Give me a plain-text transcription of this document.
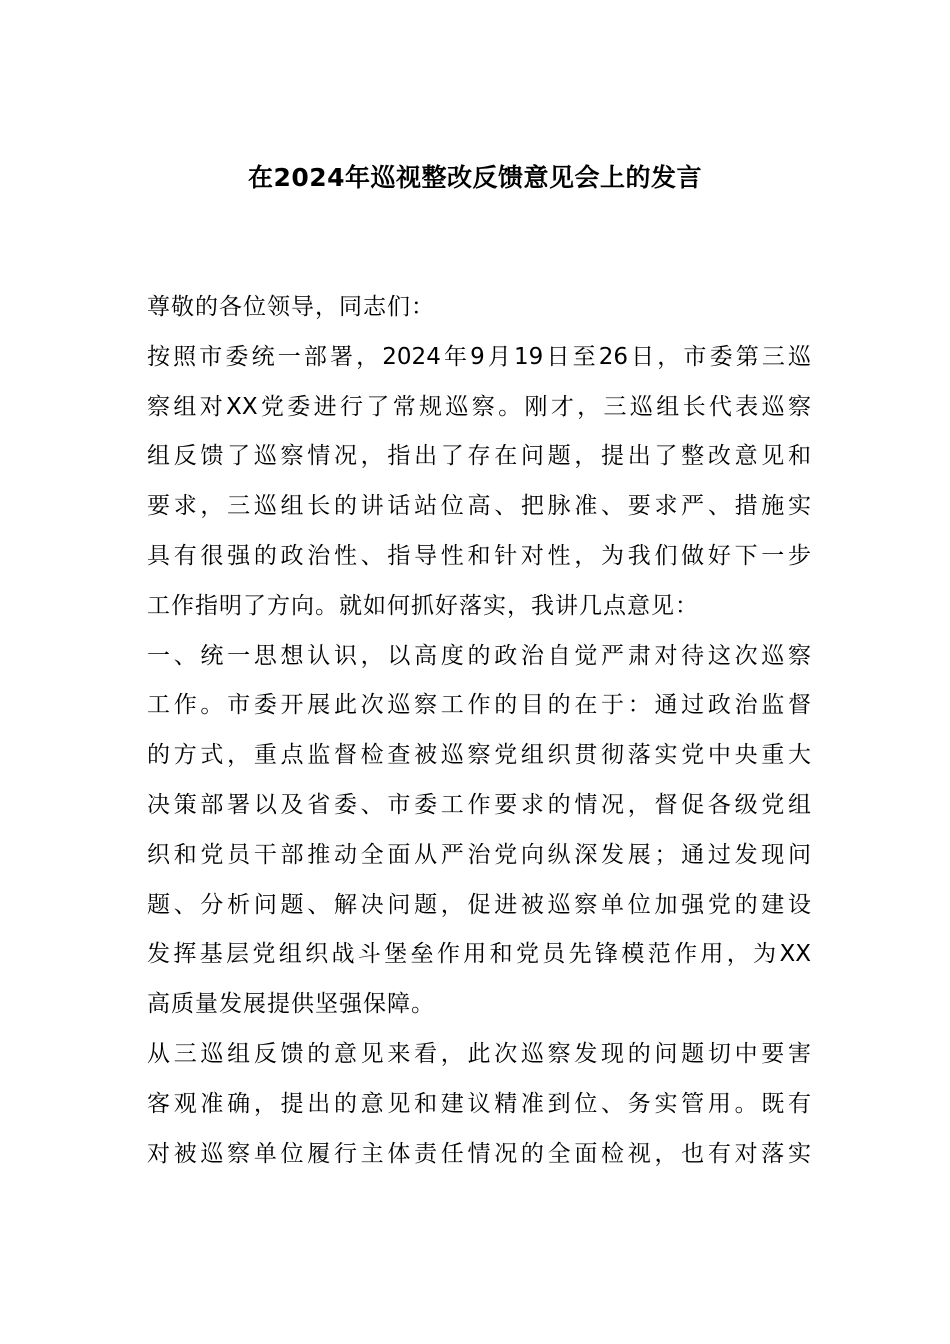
在2024年巡视整改反馈意见会上的发言
尊敬的各位领导，同志们：
按照市委统一部署，2024年9月19日至26日，市委第三巡
察组对XX党委进行了常规巡察。刚才，三巡组长代表巡察
组反馈了巡察情况，指出了存在问题，提出了整改意见和
要求，三巡组长的讲话站位高、把脉准、要求严、措施实
具有很强的政治性、指导性和针对性，为我们做好下一步
工作指明了方向。就如何抓好落实，我讲几点意见：
一、统一思想认识，以高度的政治自觉严肃对待这次巡察
工作。市委开展此次巡察工作的目的在于：通过政治监督
的方式，重点监督检查被巡察党组织贯彻落实党中央重大
决策部署以及省委、市委工作要求的情况，督促各级党组
织和党员干部推动全面从严治党向纵深发展；通过发现问
题、分析问题、解决问题，促进被巡察单位加强党的建设
发挥基层党组织战斗堡垒作用和党员先锋模范作用，为XX
高质量发展提供坚强保障。
从三巡组反馈的意见来看，此次巡察发现的问题切中要害
客观准确，提出的意见和建议精准到位、务实管用。既有
对被巡察单位履行主体责任情况的全面检视，也有对落实
